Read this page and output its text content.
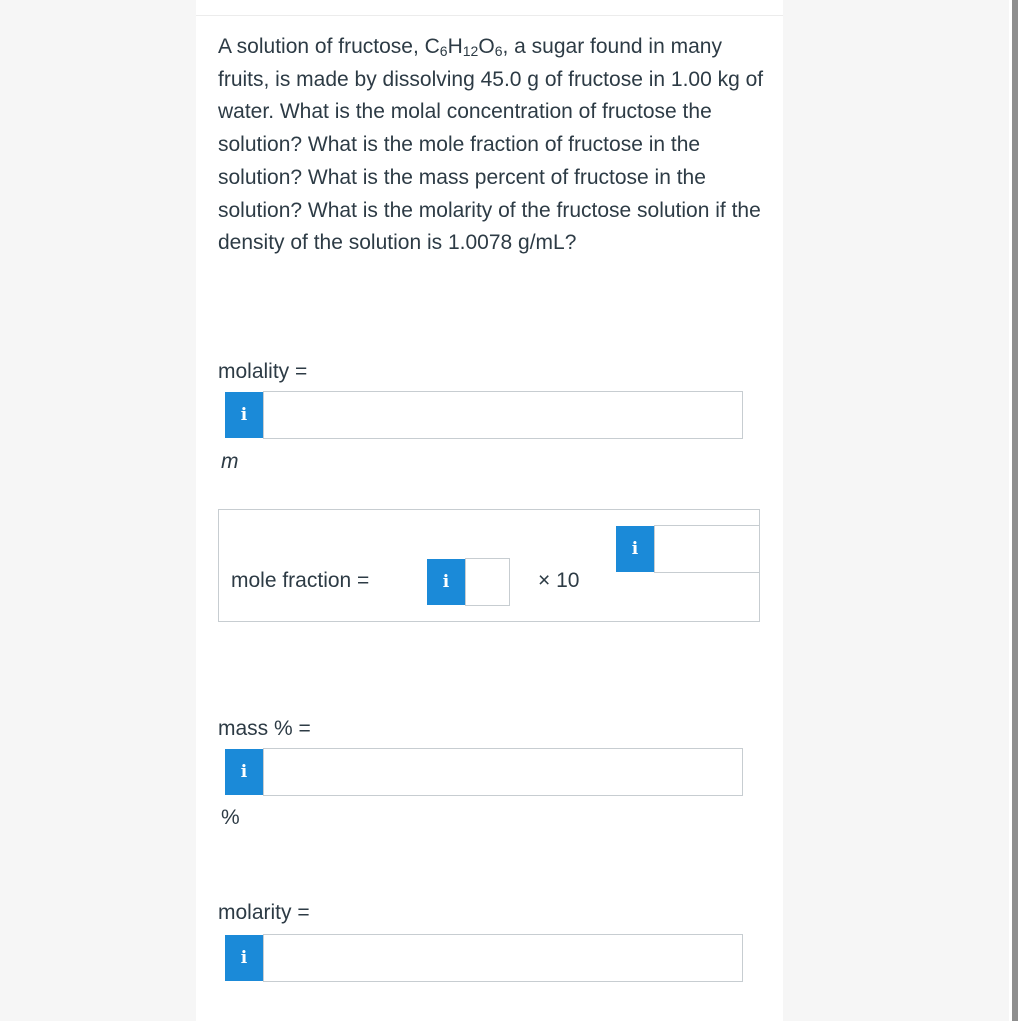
A solution of fructose, $C_6H_{12}O_6$, a sugar found in many fruits, is made by dissolving 45.0 g of fructose in 1.00 kg of water. What is the molal concentration of fructose the solution? What is the mole fraction of fructose in the solution? What is the mass percent of fructose in the solution? What is the molarity of the fructose solution if the density of the solution is 1.0078 g/mL?

molality =
i
m
mole fraction =	i	× 10
i
mass % =
i
%
molarity =
i
